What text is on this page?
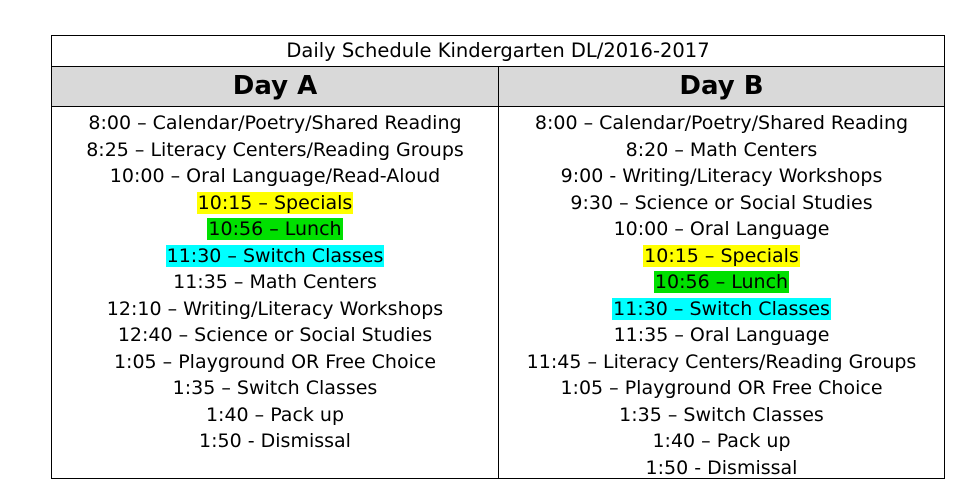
Daily Schedule Kindergarten DL/2016-2017
Day A	Day B
8:00 – Calendar/Poetry/Shared Reading
8:25 – Literacy Centers/Reading Groups
10:00 – Oral Language/Read-Aloud
10:15 – Specials
10:56 – Lunch
11:30 – Switch Classes
11:35 – Math Centers
12:10 – Writing/Literacy Workshops
12:40 – Science or Social Studies
1:05 – Playground OR Free Choice
1:35 – Switch Classes
1:40 – Pack up
1:50 - Dismissal
8:00 – Calendar/Poetry/Shared Reading
8:20 – Math Centers
9:00 - Writing/Literacy Workshops
9:30 – Science or Social Studies
10:00 – Oral Language
10:15 – Specials
10:56 – Lunch
11:30 – Switch Classes
11:35 – Oral Language
11:45 – Literacy Centers/Reading Groups
1:05 – Playground OR Free Choice
1:35 – Switch Classes
1:40 – Pack up
1:50 - Dismissal
